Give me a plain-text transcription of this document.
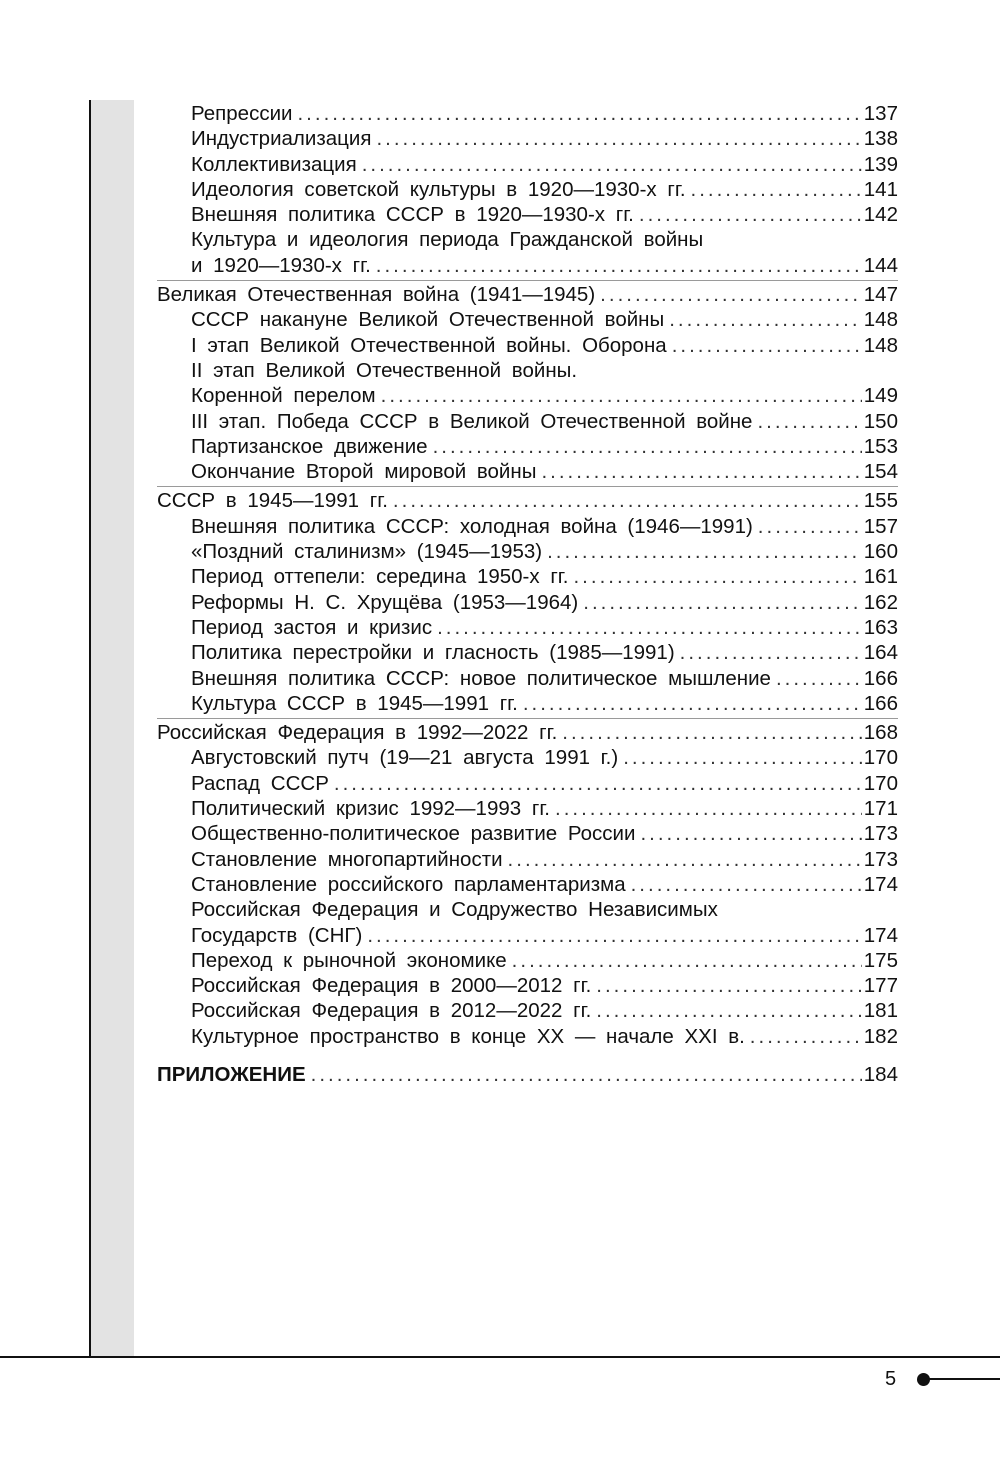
Репрессии .....	137
Индустриализация .....	138
Коллективизация .....	139
Идеология советской культуры в 1920—1930-х гг. .....	141
Внешняя политика СССР в 1920—1930-х гг. .....	142
Культура и идеология периода Гражданской войны
и 1920—1930-х гг. .....	144
Великая Отечественная война (1941—1945) .....	147
СССР накануне Великой Отечественной войны .....	148
I этап Великой Отечественной войны. Оборона .....	148
II этап Великой Отечественной войны.
Коренной перелом .....	149
III этап. Победа СССР в Великой Отечественной войне .....	150
Партизанское движение .....	153
Окончание Второй мировой войны .....	154
СССР в 1945—1991 гг. .....	155
Внешняя политика СССР: холодная война (1946—1991) .....	157
«Поздний сталинизм» (1945—1953) .....	160
Период оттепели: середина 1950-х гг. .....	161
Реформы Н. С. Хрущёва (1953—1964) .....	162
Период застоя и кризис .....	163
Политика перестройки и гласность (1985—1991) .....	164
Внешняя политика СССР: новое политическое мышление .....	166
Культура СССР в 1945—1991 гг. .....	166
Российская Федерация в 1992—2022 гг. .....	168
Августовский путч (19—21 августа 1991 г.) .....	170
Распад СССР .....	170
Политический кризис 1992—1993 гг. .....	171
Общественно-политическое развитие России .....	173
Становление многопартийности .....	173
Становление российского парламентаризма .....	174
Российская Федерация и Содружество Независимых
Государств (СНГ) .....	174
Переход к рыночной экономике .....	175
Российская Федерация в 2000—2012 гг. .....	177
Российская Федерация в 2012—2022 гг. .....	181
Культурное пространство в конце XX — начале XXI в. .....	182
ПРИЛОЖЕНИЕ .....	184
5
